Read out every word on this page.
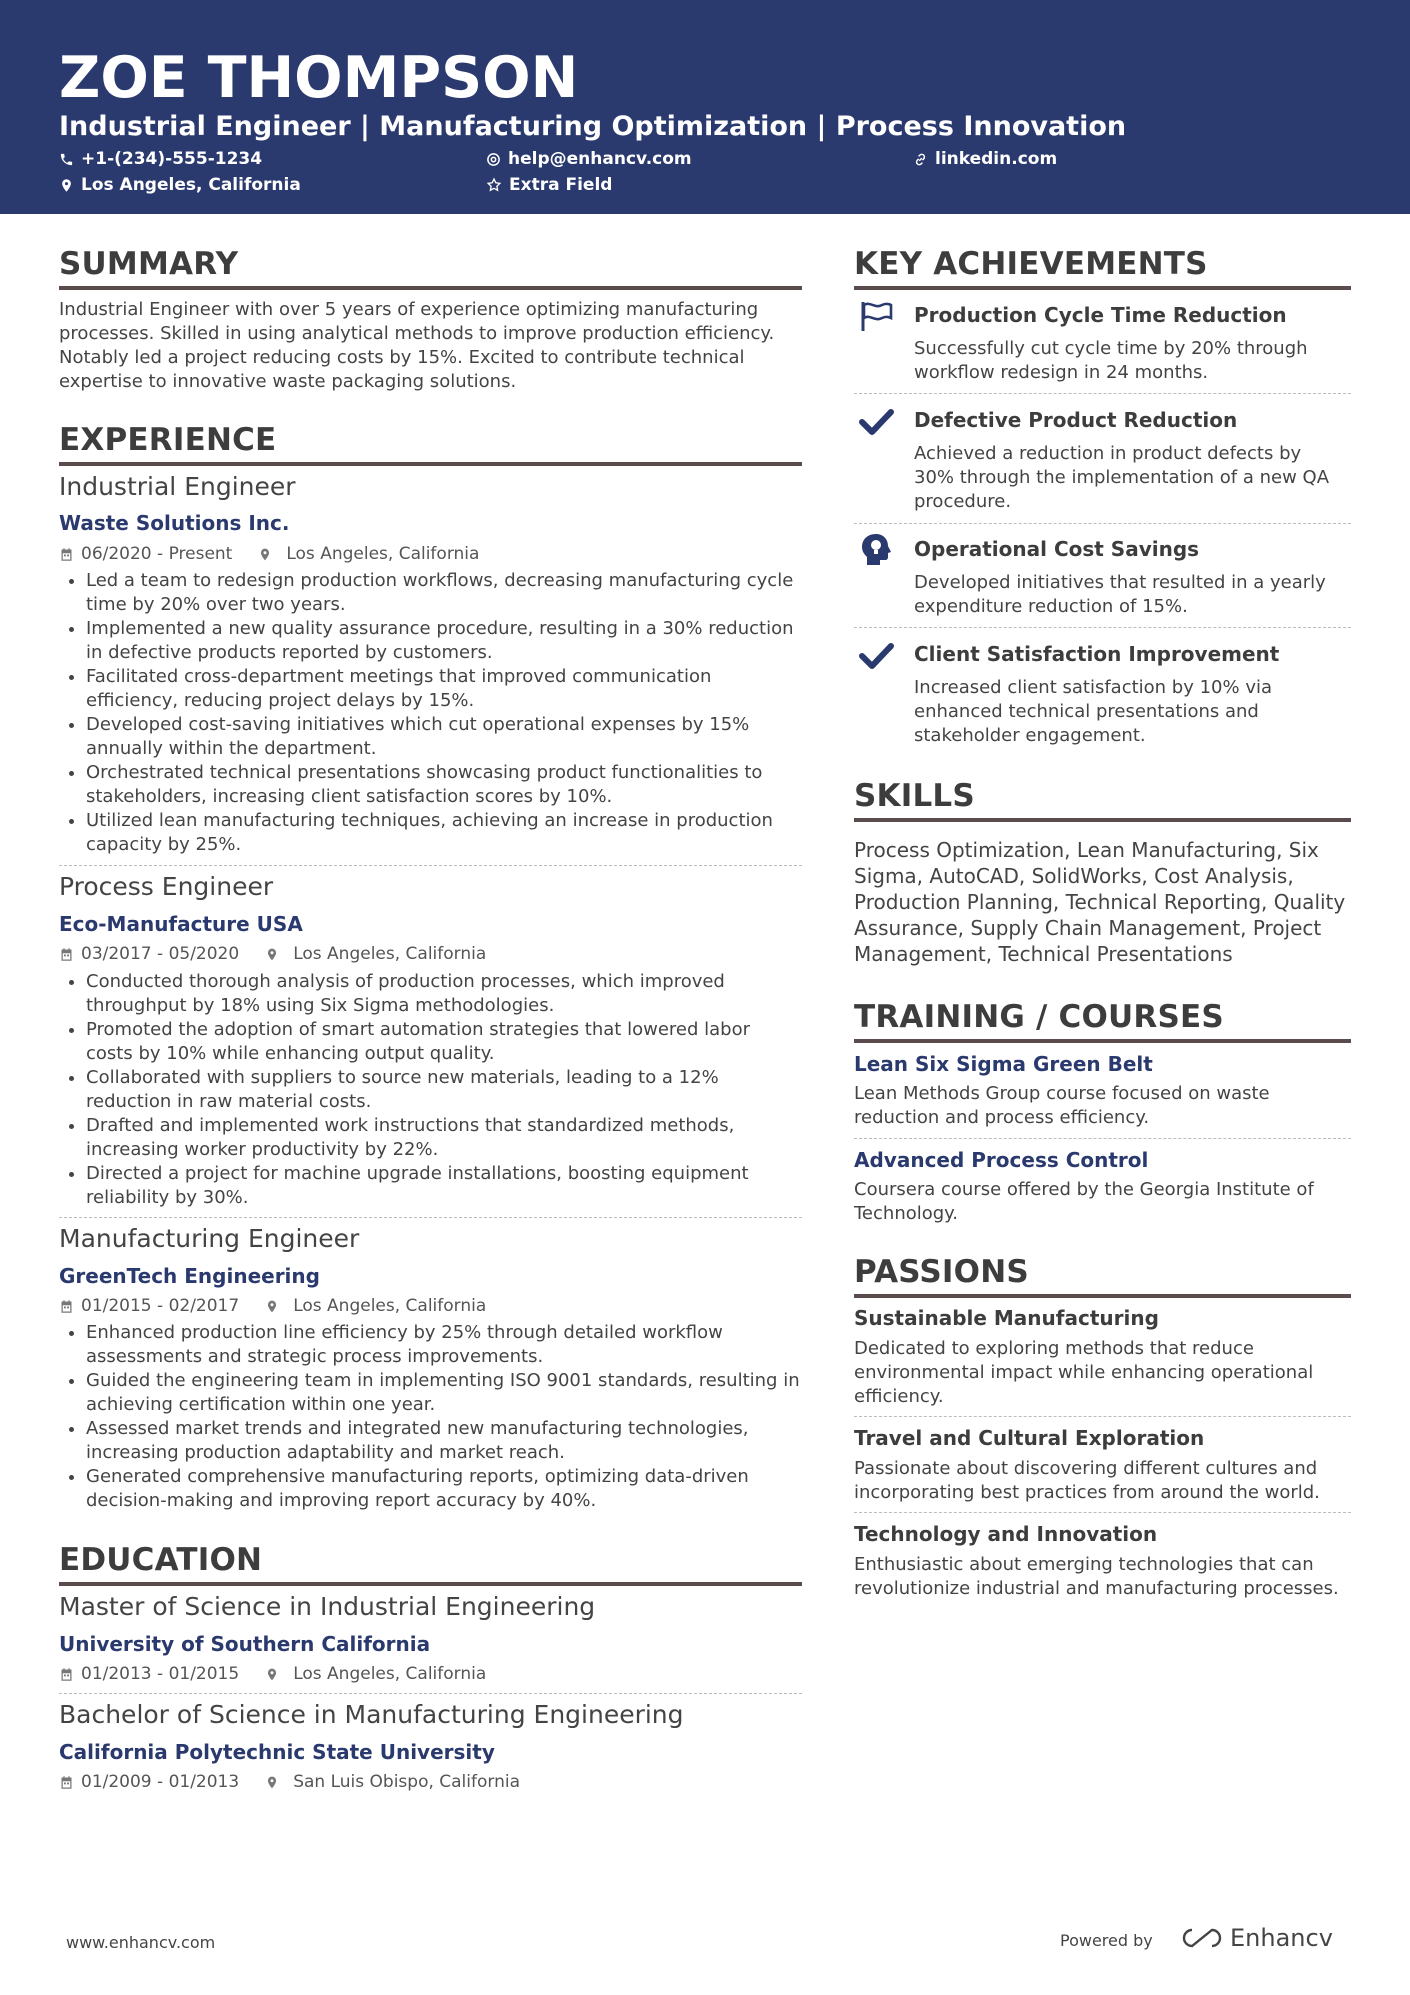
ZOE THOMPSON
Industrial Engineer | Manufacturing Optimization | Process Innovation
+1-(234)-555-1234	help@enhancv.com	linkedin.com
Los Angeles, California	Extra Field
SUMMARY

Industrial Engineer with over 5 years of experience optimizing manufacturing processes. Skilled in using analytical methods to improve production efficiency. Notably led a project reducing costs by 15%. Excited to contribute technical expertise to innovative waste packaging solutions.

EXPERIENCE
Industrial Engineer
Waste Solutions Inc.
06/2020 - Present	Los Angeles, California
• Led a team to redesign production workflows, decreasing manufacturing cycle time by 20% over two years.
• Implemented a new quality assurance procedure, resulting in a 30% reduction in defective products reported by customers.
• Facilitated cross-department meetings that improved communication efficiency, reducing project delays by 15%.
• Developed cost-saving initiatives which cut operational expenses by 15% annually within the department.
• Orchestrated technical presentations showcasing product functionalities to stakeholders, increasing client satisfaction scores by 10%.
• Utilized lean manufacturing techniques, achieving an increase in production capacity by 25%.
Process Engineer
Eco-Manufacture USA
03/2017 - 05/2020	Los Angeles, California
• Conducted thorough analysis of production processes, which improved throughput by 18% using Six Sigma methodologies.
• Promoted the adoption of smart automation strategies that lowered labor costs by 10% while enhancing output quality.
• Collaborated with suppliers to source new materials, leading to a 12% reduction in raw material costs.
• Drafted and implemented work instructions that standardized methods, increasing worker productivity by 22%.
• Directed a project for machine upgrade installations, boosting equipment reliability by 30%.
Manufacturing Engineer
GreenTech Engineering
01/2015 - 02/2017	Los Angeles, California
• Enhanced production line efficiency by 25% through detailed workflow assessments and strategic process improvements.
• Guided the engineering team in implementing ISO 9001 standards, resulting in achieving certification within one year.
• Assessed market trends and integrated new manufacturing technologies, increasing production adaptability and market reach.
• Generated comprehensive manufacturing reports, optimizing data-driven decision-making and improving report accuracy by 40%.
EDUCATION
Master of Science in Industrial Engineering
University of Southern California
01/2013 - 01/2015	Los Angeles, California
Bachelor of Science in Manufacturing Engineering
California Polytechnic State University
01/2009 - 01/2013	San Luis Obispo, California
KEY ACHIEVEMENTS
Production Cycle Time Reduction

Successfully cut cycle time by 20% through workflow redesign in 24 months.

Defective Product Reduction

Achieved a reduction in product defects by 30% through the implementation of a new QA procedure.

Operational Cost Savings

Developed initiatives that resulted in a yearly expenditure reduction of 15%.

Client Satisfaction Improvement

Increased client satisfaction by 10% via enhanced technical presentations and stakeholder engagement.

SKILLS

Process Optimization, Lean Manufacturing, Six Sigma, AutoCAD, SolidWorks, Cost Analysis, Production Planning, Technical Reporting, Quality Assurance, Supply Chain Management, Project Management, Technical Presentations

TRAINING / COURSES
Lean Six Sigma Green Belt

Lean Methods Group course focused on waste reduction and process efficiency.

Advanced Process Control

Coursera course offered by the Georgia Institute of Technology.

PASSIONS
Sustainable Manufacturing

Dedicated to exploring methods that reduce environmental impact while enhancing operational efficiency.

Travel and Cultural Exploration

Passionate about discovering different cultures and incorporating best practices from around the world.

Technology and Innovation

Enthusiastic about emerging technologies that can revolutionize industrial and manufacturing processes.

www.enhancv.com	Powered by	Enhancv
